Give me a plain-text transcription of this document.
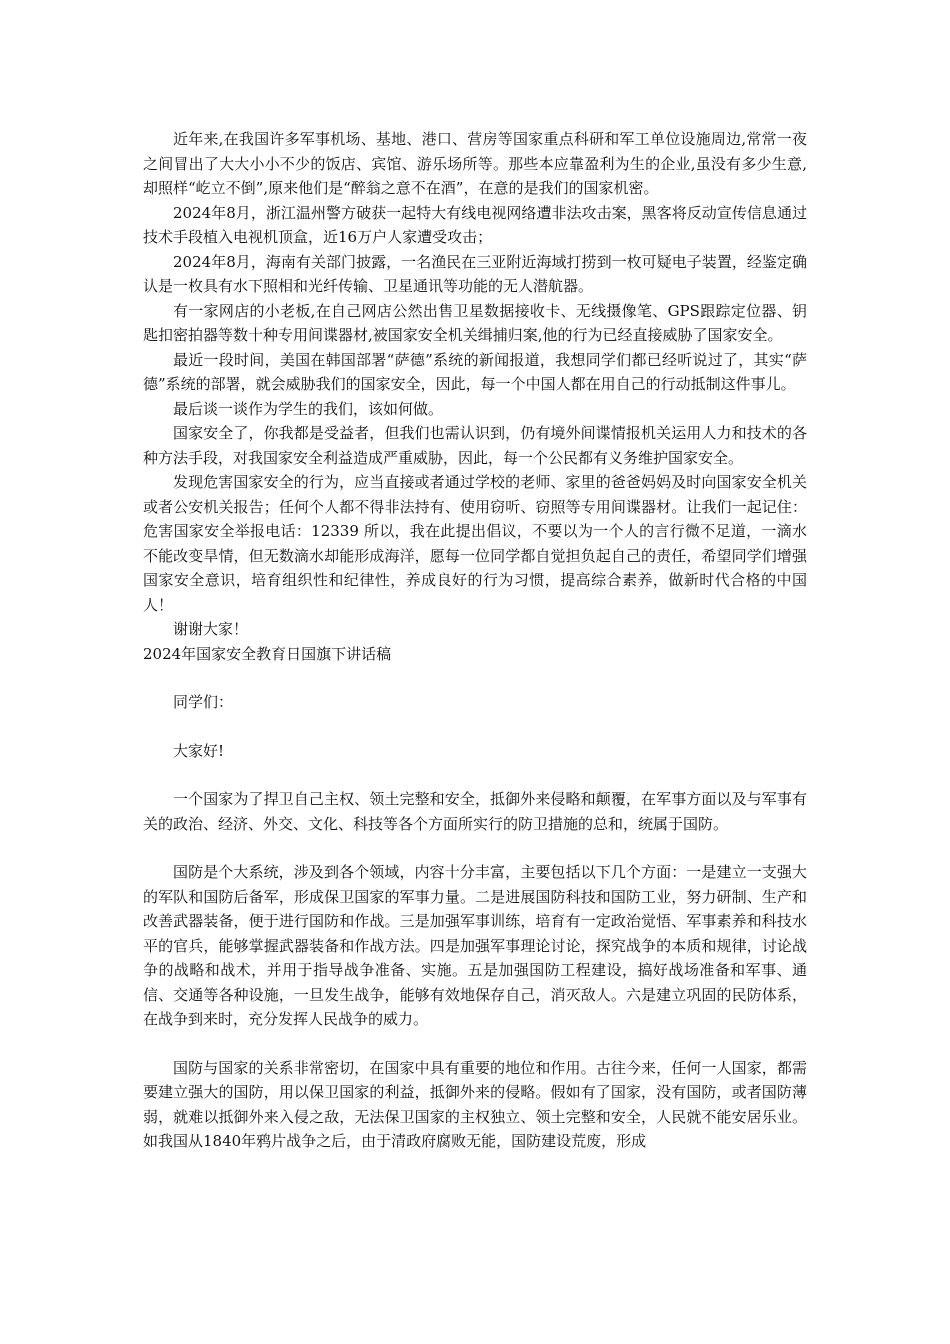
近年来,在我国许多军事机场、基地、港口、营房等国家重点科研和军工单位设施周边,常常一夜之间冒出了大大小小不少的饭店、宾馆、游乐场所等。那些本应靠盈利为生的企业,虽没有多少生意,却照样“屹立不倒”,原来他们是“醉翁之意不在酒”，在意的是我们的国家机密。

2024年8月，浙江温州警方破获一起特大有线电视网络遭非法攻击案，黑客将反动宣传信息通过技术手段植入电视机顶盒，近16万户人家遭受攻击；

2024年8月，海南有关部门披露，一名渔民在三亚附近海域打捞到一枚可疑电子装置，经鉴定确认是一枚具有水下照相和光纤传输、卫星通讯等功能的无人潜航器。

有一家网店的小老板,在自己网店公然出售卫星数据接收卡、无线摄像笔、GPS跟踪定位器、钥匙扣密拍器等数十种专用间谍器材,被国家安全机关缉捕归案,他的行为已经直接威胁了国家安全。

最近一段时间，美国在韩国部署“萨德”系统的新闻报道，我想同学们都已经听说过了，其实“萨德”系统的部署，就会威胁我们的国家安全，因此，每一个中国人都在用自己的行动抵制这件事儿。

最后谈一谈作为学生的我们，该如何做。

国家安全了，你我都是受益者，但我们也需认识到，仍有境外间谍情报机关运用人力和技术的各种方法手段，对我国家安全利益造成严重威胁，因此，每一个公民都有义务维护国家安全。

发现危害国家安全的行为，应当直接或者通过学校的老师、家里的爸爸妈妈及时向国家安全机关或者公安机关报告；任何个人都不得非法持有、使用窃听、窃照等专用间谍器材。让我们一起记住：危害国家安全举报电话：12339 所以，我在此提出倡议，不要以为一个人的言行微不足道，一滴水不能改变旱情，但无数滴水却能形成海洋，愿每一位同学都自觉担负起自己的责任，希望同学们增强国家安全意识，培育组织性和纪律性，养成良好的行为习惯，提高综合素养，做新时代合格的中国人！

谢谢大家！

2024年国家安全教育日国旗下讲话稿

同学们：

大家好!

一个国家为了捍卫自己主权、领土完整和安全，抵御外来侵略和颠覆，在军事方面以及与军事有关的政治、经济、外交、文化、科技等各个方面所实行的防卫措施的总和，统属于国防。

国防是个大系统，涉及到各个领域，内容十分丰富，主要包括以下几个方面：一是建立一支强大的军队和国防后备军，形成保卫国家的军事力量。二是进展国防科技和国防工业，努力研制、生产和改善武器装备，便于进行国防和作战。三是加强军事训练，培育有一定政治觉悟、军事素养和科技水平的官兵，能够掌握武器装备和作战方法。四是加强军事理论讨论，探究战争的本质和规律，讨论战争的战略和战术，并用于指导战争准备、实施。五是加强国防工程建设，搞好战场准备和军事、通信、交通等各种设施，一旦发生战争，能够有效地保存自己，消灭敌人。六是建立巩固的民防体系，在战争到来时，充分发挥人民战争的威力。

国防与国家的关系非常密切，在国家中具有重要的地位和作用。古往今来，任何一人国家，都需要建立强大的国防，用以保卫国家的利益，抵御外来的侵略。假如有了国家，没有国防，或者国防薄弱，就难以抵御外来入侵之敌，无法保卫国家的主权独立、领土完整和安全，人民就不能安居乐业。如我国从1840年鸦片战争之后，由于清政府腐败无能，国防建设荒废，形成
